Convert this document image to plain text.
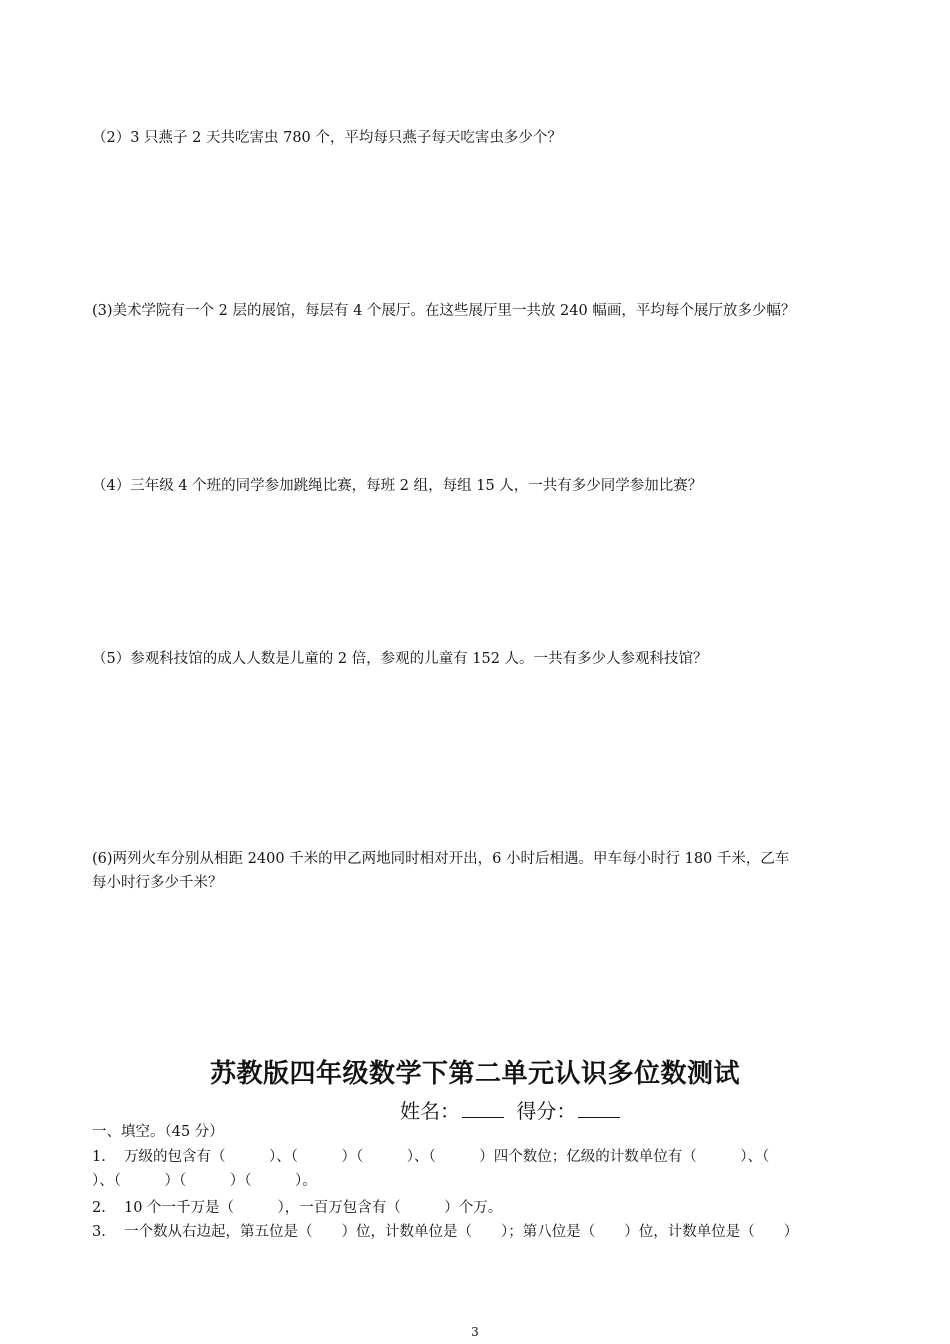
（2）3 只燕子 2 天共吃害虫 780 个，平均每只燕子每天吃害虫多少个？

(3)美术学院有一个 2 层的展馆，每层有 4 个展厅。在这些展厅里一共放 240 幅画，平均每个展厅放多少幅？

（4）三年级 4 个班的同学参加跳绳比赛，每班 2 组，每组 15 人，一共有多少同学参加比赛？

（5）参观科技馆的成人人数是儿童的 2 倍，参观的儿童有 152 人。一共有多少人参观科技馆？

(6)两列火车分别从相距 2400 千米的甲乙两地同时相对开出，6 小时后相遇。甲车每小时行 180 千米，乙车
每小时行多少千米？
苏教版四年级数学下第二单元认识多位数测试
姓名：	得分：
一、填空。（45 分）
1. 万级的包含有（　　　）、（　　　）（　　　）、（　　　）四个数位；亿级的计数单位有（　　　）、（
）、（　　　）（　　　）（　　　）。
2. 10 个一千万是（　　　），一百万包含有（　　　）个万。
3. 一个数从右边起，第五位是（　　）位，计数单位是（　　）；第八位是（　　）位，计数单位是（　　）
3
